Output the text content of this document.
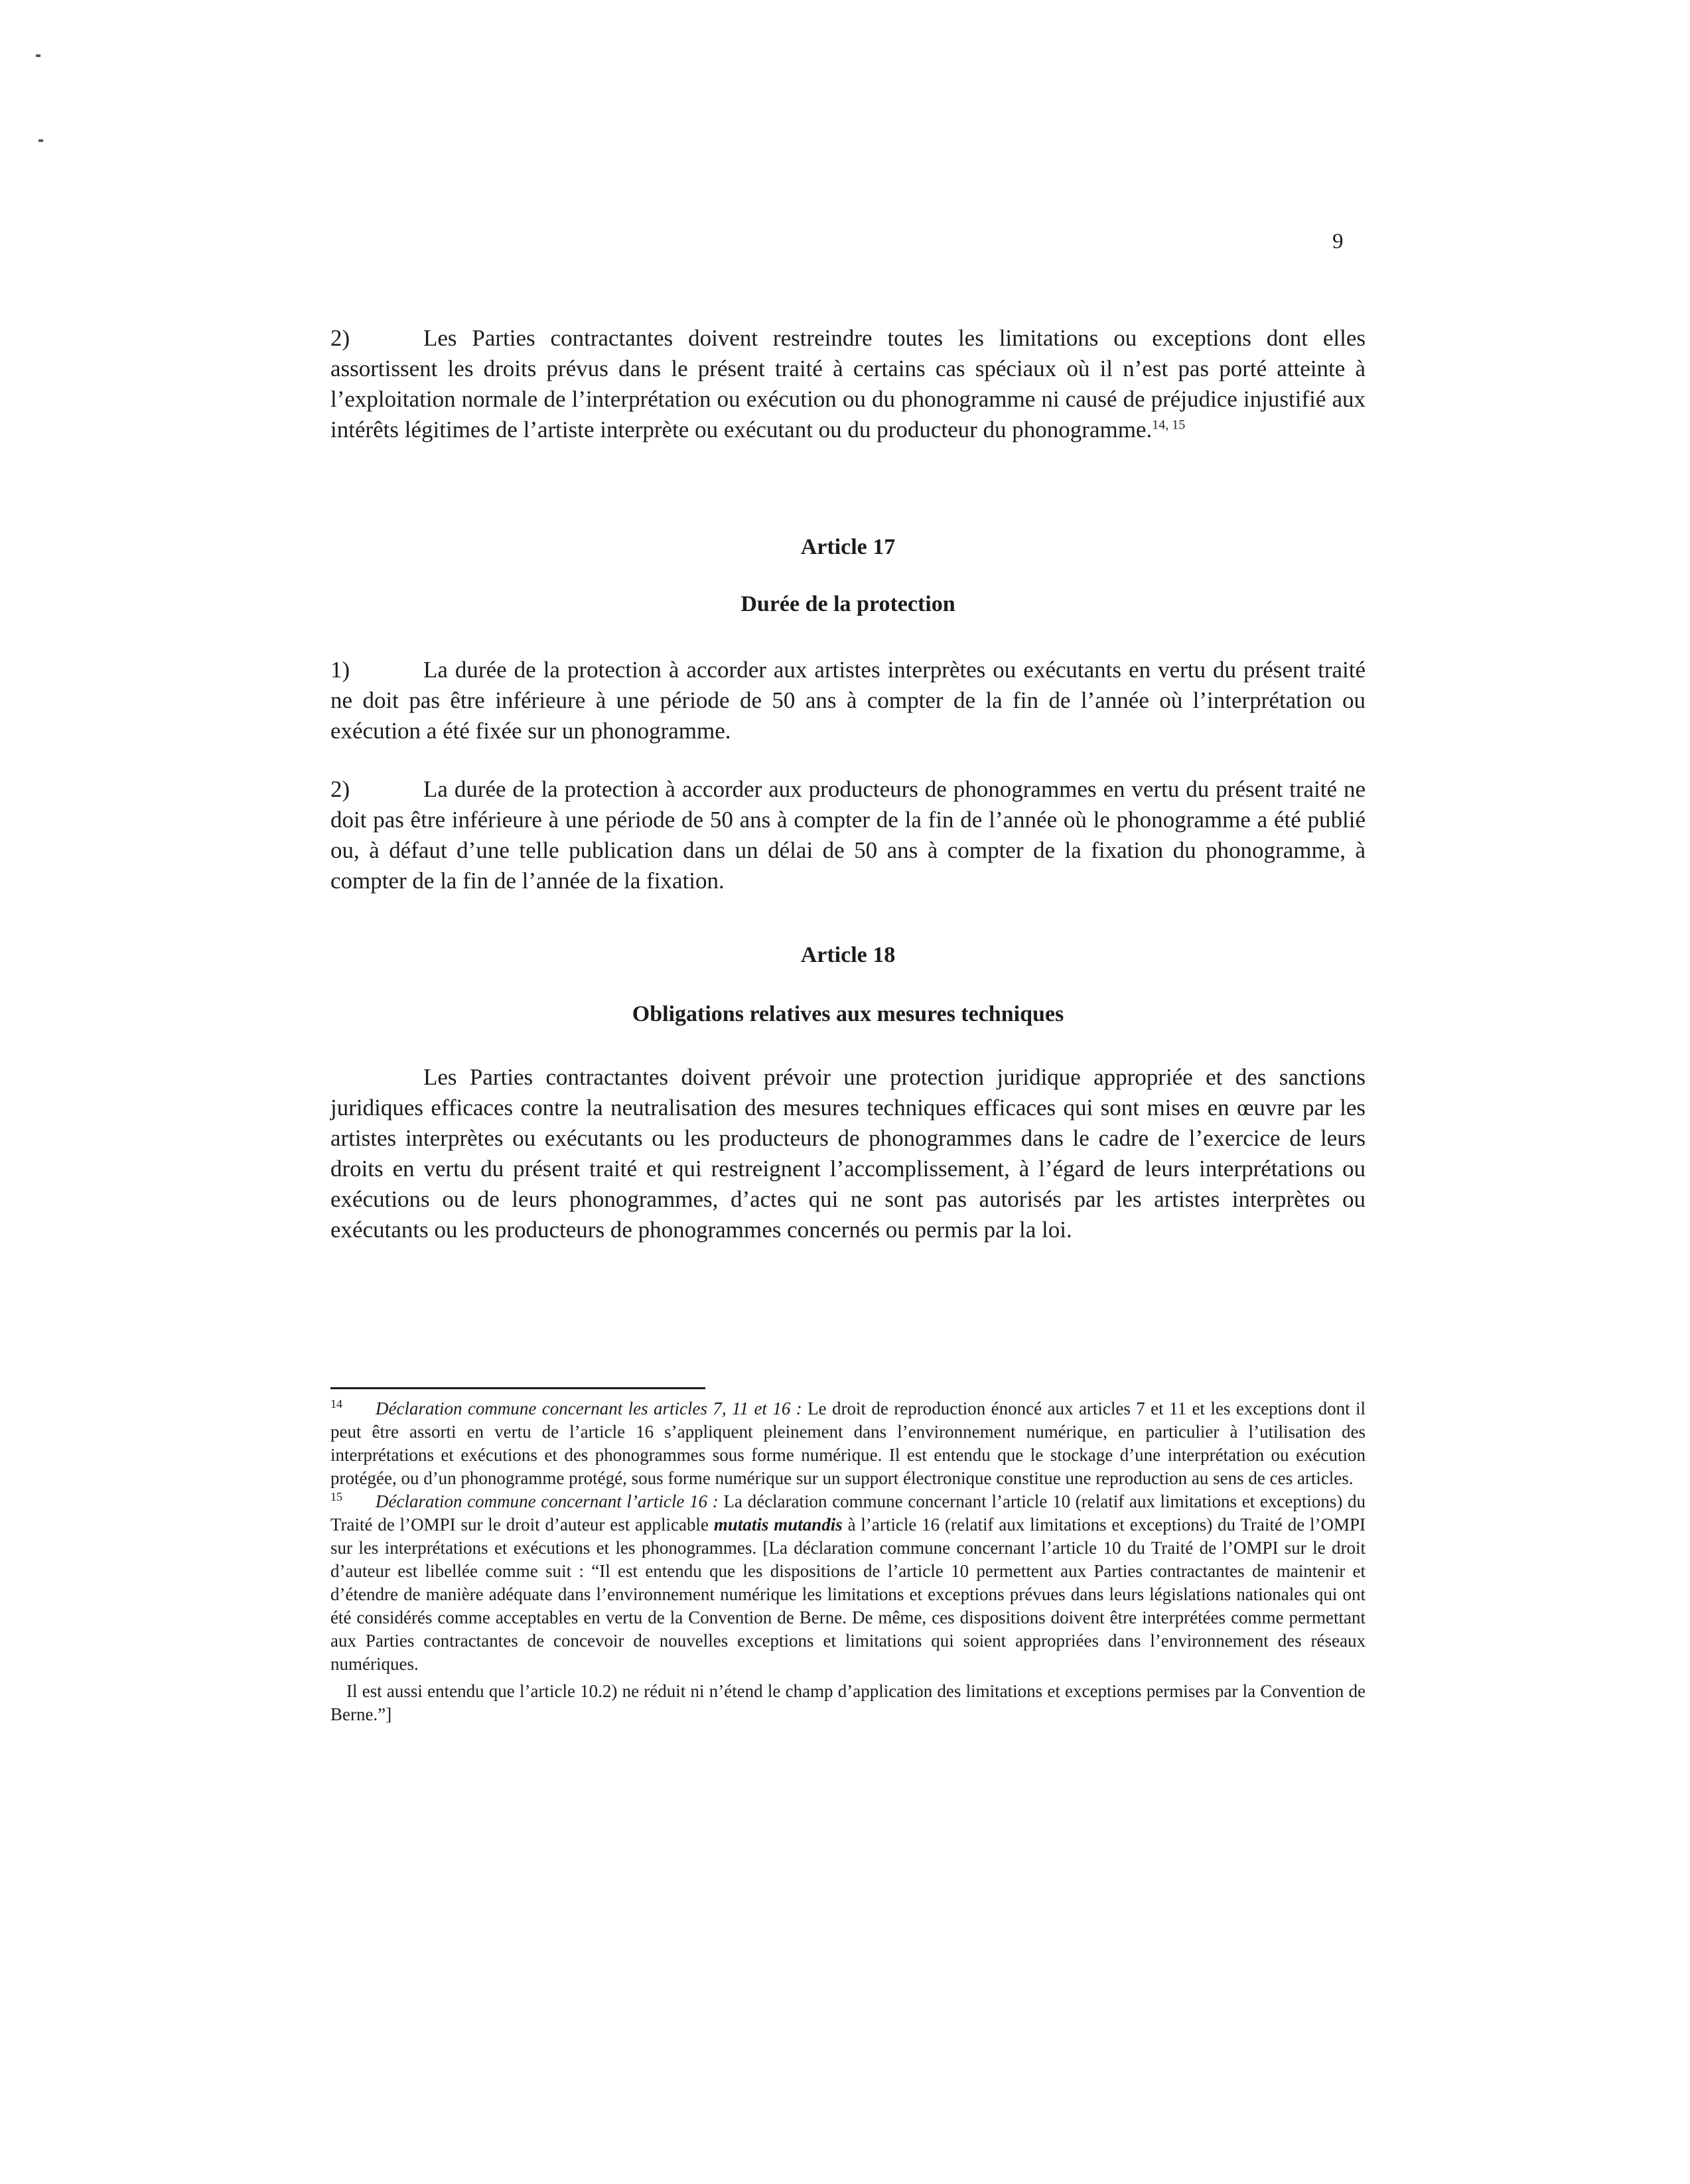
9

2)	Les Parties contractantes doivent restreindre toutes les limitations ou exceptions dont elles assortissent les droits prévus dans le présent traité à certains cas spéciaux où il n’est pas porté atteinte à l’exploitation normale de l’interprétation ou exécution ou du phonogramme ni causé de préjudice injustifié aux intérêts légitimes de l’artiste interprète ou exécutant ou du producteur du phonogramme.$^{14, 15}$

Article 17
Durée de la protection

1)	La durée de la protection à accorder aux artistes interprètes ou exécutants en vertu du présent traité ne doit pas être inférieure à une période de 50 ans à compter de la fin de l’année où l’interprétation ou exécution a été fixée sur un phonogramme.

2)	La durée de la protection à accorder aux producteurs de phonogrammes en vertu du présent traité ne doit pas être inférieure à une période de 50 ans à compter de la fin de l’année où le phonogramme a été publié ou, à défaut d’une telle publication dans un délai de 50 ans à compter de la fixation du phonogramme, à compter de la fin de l’année de la fixation.

Article 18
Obligations relatives aux mesures techniques

Les Parties contractantes doivent prévoir une protection juridique appropriée et des sanctions juridiques efficaces contre la neutralisation des mesures techniques efficaces qui sont mises en œuvre par les artistes interprètes ou exécutants ou les producteurs de phonogrammes dans le cadre de l’exercice de leurs droits en vertu du présent traité et qui restreignent l’accomplissement, à l’égard de leurs interprétations ou exécutions ou de leurs phonogrammes, d’actes qui ne sont pas autorisés par les artistes interprètes ou exécutants ou les producteurs de phonogrammes concernés ou permis par la loi.

14 Déclaration commune concernant les articles 7, 11 et 16 : Le droit de reproduction énoncé aux articles 7 et 11 et les exceptions dont il peut être assorti en vertu de l’article 16 s’appliquent pleinement dans l’environnement numérique, en particulier à l’utilisation des interprétations et exécutions et des phonogrammes sous forme numérique. Il est entendu que le stockage d’une interprétation ou exécution protégée, ou d’un phonogramme protégé, sous forme numérique sur un support électronique constitue une reproduction au sens de ces articles.

15 Déclaration commune concernant l’article 16 : La déclaration commune concernant l’article 10 (relatif aux limitations et exceptions) du Traité de l’OMPI sur le droit d’auteur est applicable mutatis mutandis à l’article 16 (relatif aux limitations et exceptions) du Traité de l’OMPI sur les interprétations et exécutions et les phonogrammes. [La déclaration commune concernant l’article 10 du Traité de l’OMPI sur le droit d’auteur est libellée comme suit : “Il est entendu que les dispositions de l’article 10 permettent aux Parties contractantes de maintenir et d’étendre de manière adéquate dans l’environnement numérique les limitations et exceptions prévues dans leurs législations nationales qui ont été considérés comme acceptables en vertu de la Convention de Berne. De même, ces dispositions doivent être interprétées comme permettant aux Parties contractantes de concevoir de nouvelles exceptions et limitations qui soient appropriées dans l’environnement des réseaux numériques.

Il est aussi entendu que l’article 10.2) ne réduit ni n’étend le champ d’application des limitations et exceptions permises par la Convention de Berne.”]
